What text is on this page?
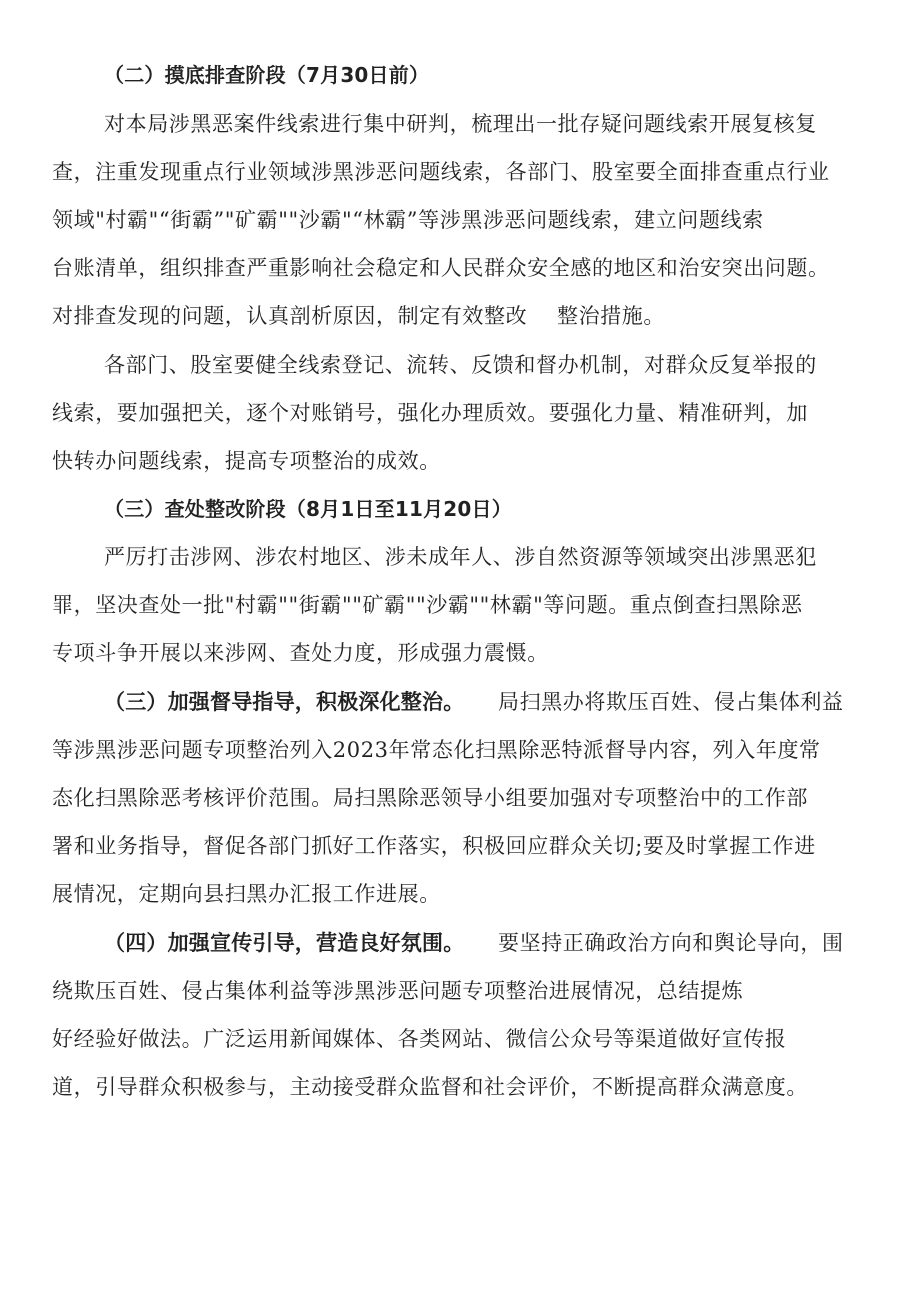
（二）摸底排查阶段（7月30日前）

对本局涉黑恶案件线索进行集中研判，梳理出一批存疑问题线索开展复核复

查，注重发现重点行业领域涉黑涉恶问题线索，各部门、股室要全面排查重点行业

领域"村霸"“街霸”"矿霸""沙霸"“林霸”等涉黑涉恶问题线索，建立问题线索

台账清单，组织排查严重影响社会稳定和人民群众安全感的地区和治安突出问题。

对排查发现的问题，认真剖析原因，制定有效整改 整治措施。

各部门、股室要健全线索登记、流转、反馈和督办机制，对群众反复举报的

线索，要加强把关，逐个对账销号，强化办理质效。要强化力量、精准研判，加

快转办问题线索，提高专项整治的成效。

（三）查处整改阶段（8月1日至11月20日）

严厉打击涉网、涉农村地区、涉未成年人、涉自然资源等领域突出涉黑恶犯

罪，坚决查处一批"村霸""街霸""矿霸""沙霸""林霸"等问题。重点倒查扫黑除恶

专项斗争开展以来涉网、查处力度，形成强力震慑。

（三）加强督导指导，积极深化整治。 局扫黑办将欺压百姓、侵占集体利益

等涉黑涉恶问题专项整治列入2023年常态化扫黑除恶特派督导内容，列入年度常

态化扫黑除恶考核评价范围。局扫黑除恶领导小组要加强对专项整治中的工作部

署和业务指导，督促各部门抓好工作落实，积极回应群众关切;要及时掌握工作进

展情况，定期向县扫黑办汇报工作进展。

（四）加强宣传引导，营造良好氛围。 要坚持正确政治方向和舆论导向，围

绕欺压百姓、侵占集体利益等涉黑涉恶问题专项整治进展情况，总结提炼

好经验好做法。广泛运用新闻媒体、各类网站、微信公众号等渠道做好宣传报

道，引导群众积极参与，主动接受群众监督和社会评价，不断提高群众满意度。
